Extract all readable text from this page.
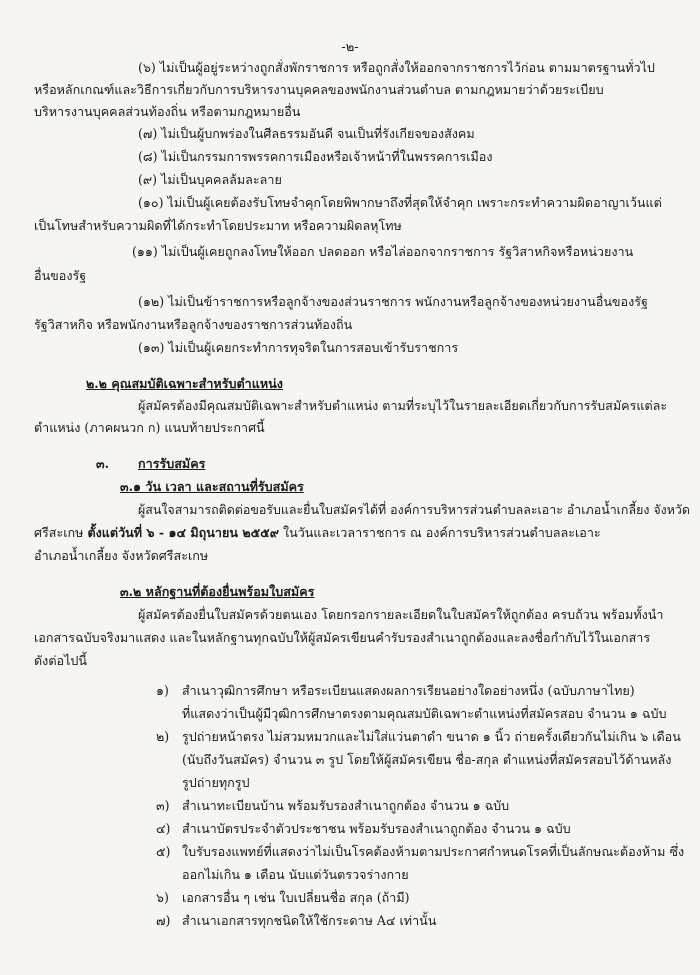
-๒-
(๖) ไม่เป็นผู้อยู่ระหว่างถูกสั่งพักราชการ หรือถูกสั่งให้ออกจากราชการไว้ก่อน ตามมาตรฐานทั่วไป
หรือหลักเกณฑ์และวิธีการเกี่ยวกับการบริหารงานบุคคลของพนักงานส่วนตำบล ตามกฎหมายว่าด้วยระเบียบ
บริหารงานบุคคลส่วนท้องถิ่น หรือตามกฎหมายอื่น
(๗) ไม่เป็นผู้บกพร่องในศีลธรรมอันดี จนเป็นที่รังเกียจของสังคม
(๘) ไม่เป็นกรรมการพรรคการเมืองหรือเจ้าหน้าที่ในพรรคการเมือง
(๙) ไม่เป็นบุคคลล้มละลาย
(๑๐) ไม่เป็นผู้เคยต้องรับโทษจำคุกโดยพิพากษาถึงที่สุดให้จำคุก เพราะกระทำความผิดอาญาเว้นแต่
เป็นโทษสำหรับความผิดที่ได้กระทำโดยประมาท หรือความผิดลหุโทษ
(๑๑) ไม่เป็นผู้เคยถูกลงโทษให้ออก ปลดออก หรือไล่ออกจากราชการ รัฐวิสาหกิจหรือหน่วยงาน
อื่นของรัฐ
(๑๒) ไม่เป็นข้าราชการหรือลูกจ้างของส่วนราชการ พนักงานหรือลูกจ้างของหน่วยงานอื่นของรัฐ
รัฐวิสาหกิจ หรือพนักงานหรือลูกจ้างของราชการส่วนท้องถิ่น
(๑๓) ไม่เป็นผู้เคยกระทำการทุจริตในการสอบเข้ารับราชการ
๒.๒ คุณสมบัติเฉพาะสำหรับตำแหน่ง
ผู้สมัครต้องมีคุณสมบัติเฉพาะสำหรับตำแหน่ง ตามที่ระบุไว้ในรายละเอียดเกี่ยวกับการรับสมัครแต่ละ
ตำแหน่ง (ภาคผนวก ก) แนบท้ายประกาศนี้
๓. การรับสมัคร
๓.๑ วัน เวลา และสถานที่รับสมัคร
ผู้สนใจสามารถติดต่อขอรับและยื่นใบสมัครได้ที่ องค์การบริหารส่วนตำบลละเอาะ อำเภอน้ำเกลี้ยง จังหวัด
ศรีสะเกษ ตั้งแต่วันที่ ๖ - ๑๔ มิถุนายน ๒๕๕๙ ในวันและเวลาราชการ ณ องค์การบริหารส่วนตำบลละเอาะ
อำเภอน้ำเกลี้ยง จังหวัดศรีสะเกษ
๓.๒ หลักฐานที่ต้องยื่นพร้อมใบสมัคร
ผู้สมัครต้องยื่นใบสมัครด้วยตนเอง โดยกรอกรายละเอียดในใบสมัครให้ถูกต้อง ครบถ้วน พร้อมทั้งนำ
เอกสารฉบับจริงมาแสดง และในหลักฐานทุกฉบับให้ผู้สมัครเขียนคำรับรองสำเนาถูกต้องและลงชื่อกำกับไว้ในเอกสาร
ดังต่อไปนี้
๑) สำเนาวุฒิการศึกษา หรือระเบียนแสดงผลการเรียนอย่างใดอย่างหนึ่ง (ฉบับภาษาไทย)
ที่แสดงว่าเป็นผู้มีวุฒิการศึกษาตรงตามคุณสมบัติเฉพาะตำแหน่งที่สมัครสอบ จำนวน ๑ ฉบับ
๒) รูปถ่ายหน้าตรง ไม่สวมหมวกและไม่ใส่แว่นตาดำ ขนาด ๑ นิ้ว ถ่ายครั้งเดียวกันไม่เกิน ๖ เดือน
(นับถึงวันสมัคร) จำนวน ๓ รูป โดยให้ผู้สมัครเขียน ชื่อ-สกุล ตำแหน่งที่สมัครสอบไว้ด้านหลัง
รูปถ่ายทุกรูป
๓) สำเนาทะเบียนบ้าน พร้อมรับรองสำเนาถูกต้อง จำนวน ๑ ฉบับ
๔) สำเนาบัตรประจำตัวประชาชน พร้อมรับรองสำเนาถูกต้อง จำนวน ๑ ฉบับ
๕) ใบรับรองแพทย์ที่แสดงว่าไม่เป็นโรคต้องห้ามตามประกาศกำหนดโรคที่เป็นลักษณะต้องห้าม ซึ่ง
ออกไม่เกิน ๑ เดือน นับแต่วันตรวจร่างกาย
๖) เอกสารอื่น ๆ เช่น ใบเปลี่ยนชื่อ สกุล (ถ้ามี)
๗) สำเนาเอกสารทุกชนิดให้ใช้กระดาษ A๔ เท่านั้น
